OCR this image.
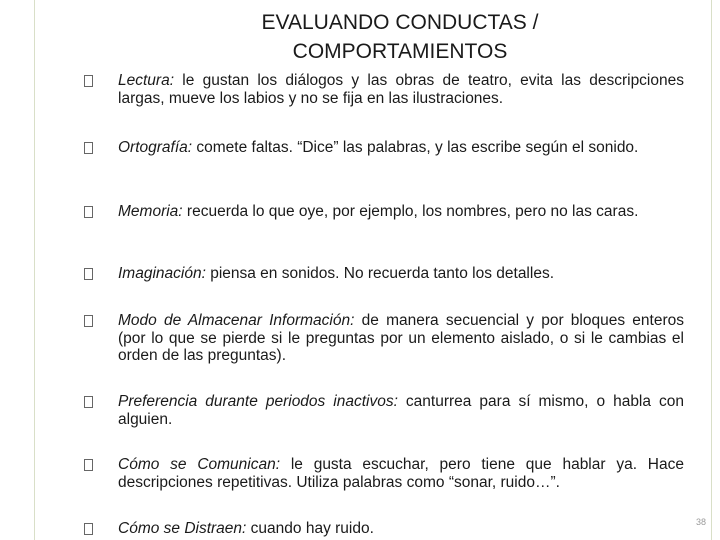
EVALUANDO CONDUCTAS / COMPORTAMIENTOS
Lectura: le gustan los diálogos y las obras de teatro, evita las descripciones largas, mueve los labios y no se fija en las ilustraciones.
Ortografía: comete faltas. “Dice” las palabras, y las escribe según el sonido.
Memoria: recuerda lo que oye, por ejemplo, los nombres, pero no las caras.
Imaginación: piensa en sonidos. No recuerda tanto los detalles.
Modo de Almacenar Información: de manera secuencial y por bloques enteros (por lo que se pierde si le preguntas por un elemento aislado, o si le cambias el orden de las preguntas).
Preferencia durante periodos inactivos: canturrea para sí mismo, o habla con alguien.
Cómo se Comunican: le gusta escuchar, pero tiene que hablar ya. Hace descripciones repetitivas. Utiliza palabras como “sonar, ruido…”.
Cómo se Distraen: cuando hay ruido.	38
